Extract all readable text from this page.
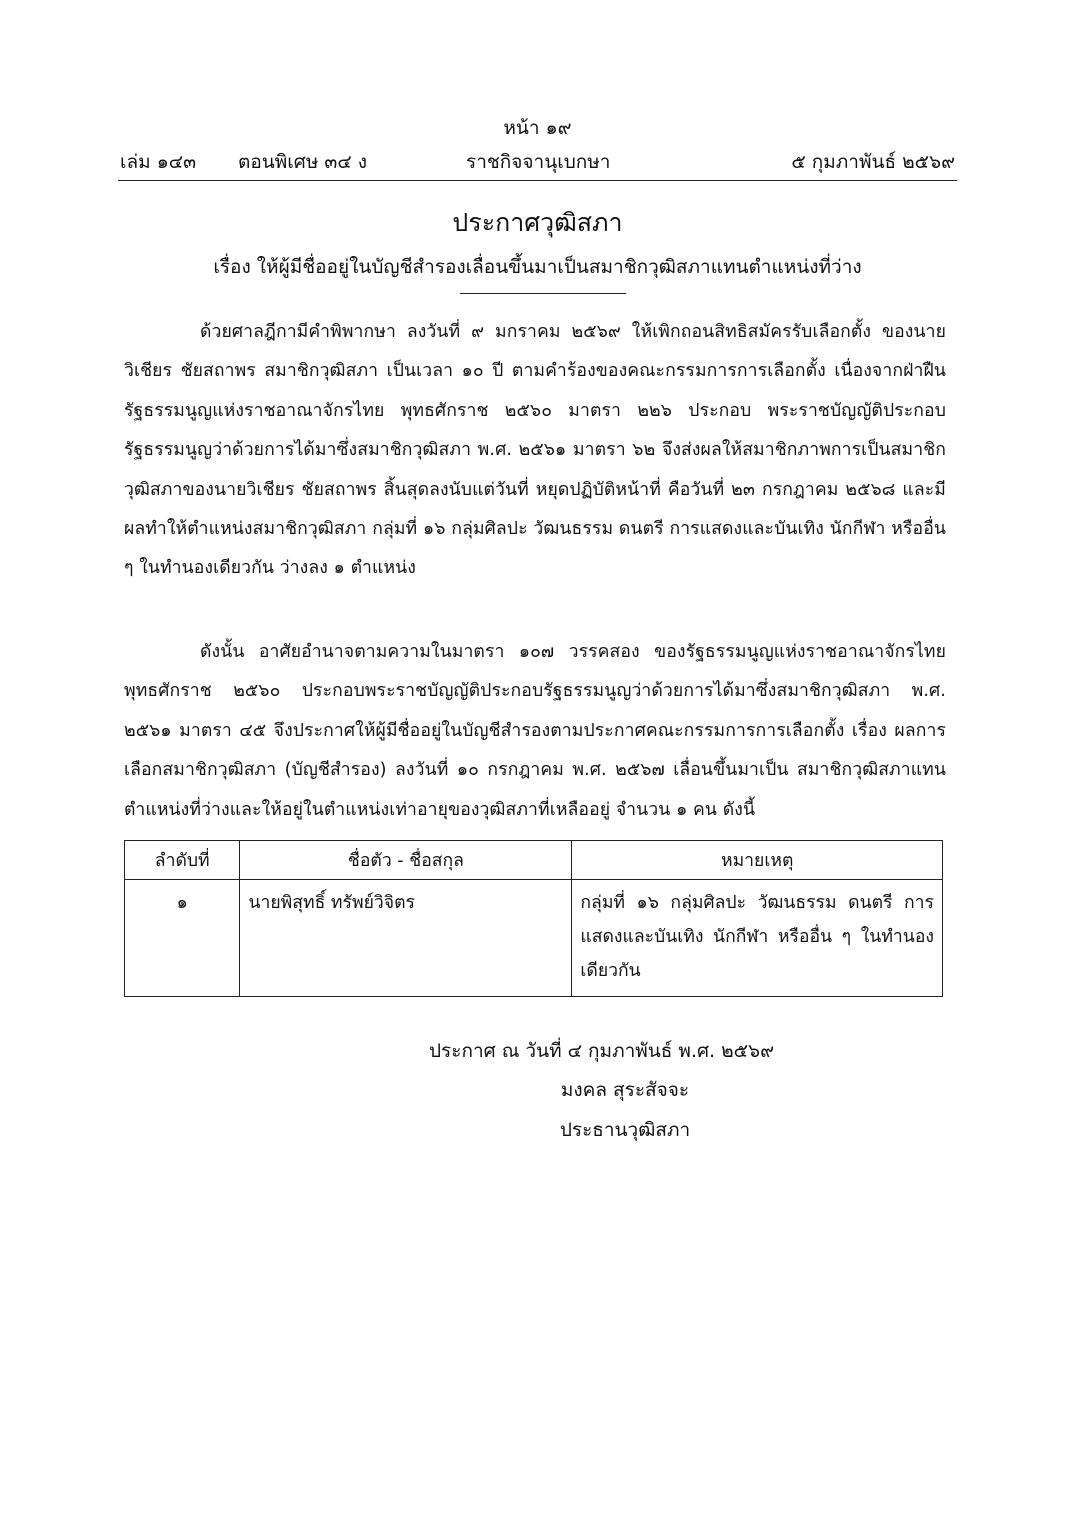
หน้า ๑๙
เล่ม ๑๔๓ ตอนพิเศษ ๓๔ ง	ราชกิจจานุเบกษา	๕ กุมภาพันธ์ ๒๕๖๙
ประกาศวุฒิสภา
เรื่อง ให้ผู้มีชื่ออยู่ในบัญชีสำรองเลื่อนขึ้นมาเป็นสมาชิกวุฒิสภาแทนตำแหน่งที่ว่าง
ด้วยศาลฎีกามีคำพิพากษา ลงวันที่ ๙ มกราคม ๒๕๖๙ ให้เพิกถอนสิทธิสมัครรับเลือกตั้ง ของนายวิเชียร ชัยสถาพร สมาชิกวุฒิสภา เป็นเวลา ๑๐ ปี ตามคำร้องของคณะกรรมการการเลือกตั้ง เนื่องจากฝ่าฝืนรัฐธรรมนูญแห่งราชอาณาจักรไทย พุทธศักราช ๒๕๖๐ มาตรา ๒๒๖ ประกอบ พระราชบัญญัติประกอบรัฐธรรมนูญว่าด้วยการได้มาซึ่งสมาชิกวุฒิสภา พ.ศ. ๒๕๖๑ มาตรา ๖๒ จึงส่งผลให้สมาชิกภาพการเป็นสมาชิกวุฒิสภาของนายวิเชียร ชัยสถาพร สิ้นสุดลงนับแต่วันที่ หยุดปฏิบัติหน้าที่ คือวันที่ ๒๓ กรกฎาคม ๒๕๖๘ และมีผลทำให้ตำแหน่งสมาชิกวุฒิสภา กลุ่มที่ ๑๖ กลุ่มศิลปะ วัฒนธรรม ดนตรี การแสดงและบันเทิง นักกีฬา หรืออื่น ๆ ในทำนองเดียวกัน ว่างลง ๑ ตำแหน่ง
ดังนั้น อาศัยอำนาจตามความในมาตรา ๑๐๗ วรรคสอง ของรัฐธรรมนูญแห่งราชอาณาจักรไทย พุทธศักราช ๒๕๖๐ ประกอบพระราชบัญญัติประกอบรัฐธรรมนูญว่าด้วยการได้มาซึ่งสมาชิกวุฒิสภา พ.ศ. ๒๕๖๑ มาตรา ๔๕ จึงประกาศให้ผู้มีชื่ออยู่ในบัญชีสำรองตามประกาศคณะกรรมการการเลือกตั้ง เรื่อง ผลการเลือกสมาชิกวุฒิสภา (บัญชีสำรอง) ลงวันที่ ๑๐ กรกฎาคม พ.ศ. ๒๕๖๗ เลื่อนขึ้นมาเป็น สมาชิกวุฒิสภาแทนตำแหน่งที่ว่างและให้อยู่ในตำแหน่งเท่าอายุของวุฒิสภาที่เหลืออยู่ จำนวน ๑ คน ดังนี้
ลำดับที่	ชื่อตัว - ชื่อสกุล	หมายเหตุ
๑	นายพิสุทธิ์ ทรัพย์วิจิตร	กลุ่มที่ ๑๖ กลุ่มศิลปะ วัฒนธรรม ดนตรี การแสดงและบันเทิง นักกีฬา หรืออื่น ๆ ในทำนองเดียวกัน
ประกาศ ณ วันที่ ๔ กุมภาพันธ์ พ.ศ. ๒๕๖๙
มงคล สุระสัจจะ
ประธานวุฒิสภา
